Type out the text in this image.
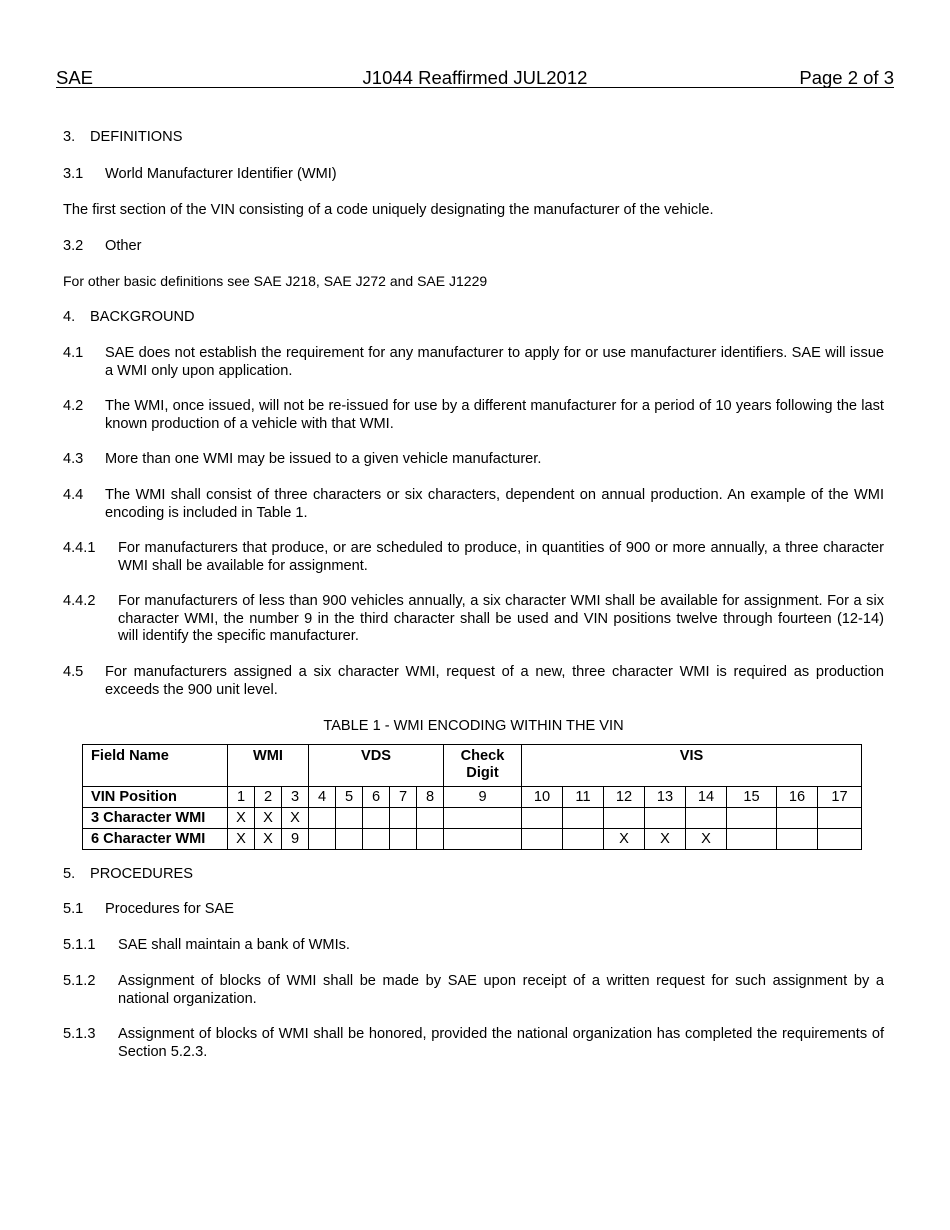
SAE	J1044 Reaffirmed JUL2012	Page 2 of 3
3. DEFINITIONS
3.1 World Manufacturer Identifier (WMI)
The first section of the VIN consisting of a code uniquely designating the manufacturer of the vehicle.
3.2 Other
For other basic definitions see SAE J218, SAE J272 and SAE J1229
4. BACKGROUND
4.1 SAE does not establish the requirement for any manufacturer to apply for or use manufacturer identifiers. SAE will issue a WMI only upon application.
4.2 The WMI, once issued, will not be re-issued for use by a different manufacturer for a period of 10 years following the last known production of a vehicle with that WMI.
4.3 More than one WMI may be issued to a given vehicle manufacturer.
4.4 The WMI shall consist of three characters or six characters, dependent on annual production. An example of the WMI encoding is included in Table 1.
4.4.1 For manufacturers that produce, or are scheduled to produce, in quantities of 900 or more annually, a three character WMI shall be available for assignment.
4.4.2 For manufacturers of less than 900 vehicles annually, a six character WMI shall be available for assignment. For a six character WMI, the number 9 in the third character shall be used and VIN positions twelve through fourteen (12-14) will identify the specific manufacturer.
4.5 For manufacturers assigned a six character WMI, request of a new, three character WMI is required as production exceeds the 900 unit level.
TABLE 1 - WMI ENCODING WITHIN THE VIN
Field Name	WMI			VDS					Check Digit	VIS							
VIN Position	1	2	3	4	5	6	7	8	9	10	11	12	13	14	15	16	17
3 Character WMI	X	X	X														
6 Character WMI	X	X	9									X	X	X			
5. PROCEDURES
5.1 Procedures for SAE
5.1.1 SAE shall maintain a bank of WMIs.
5.1.2 Assignment of blocks of WMI shall be made by SAE upon receipt of a written request for such assignment by a national organization.
5.1.3 Assignment of blocks of WMI shall be honored, provided the national organization has completed the requirements of Section 5.2.3.
